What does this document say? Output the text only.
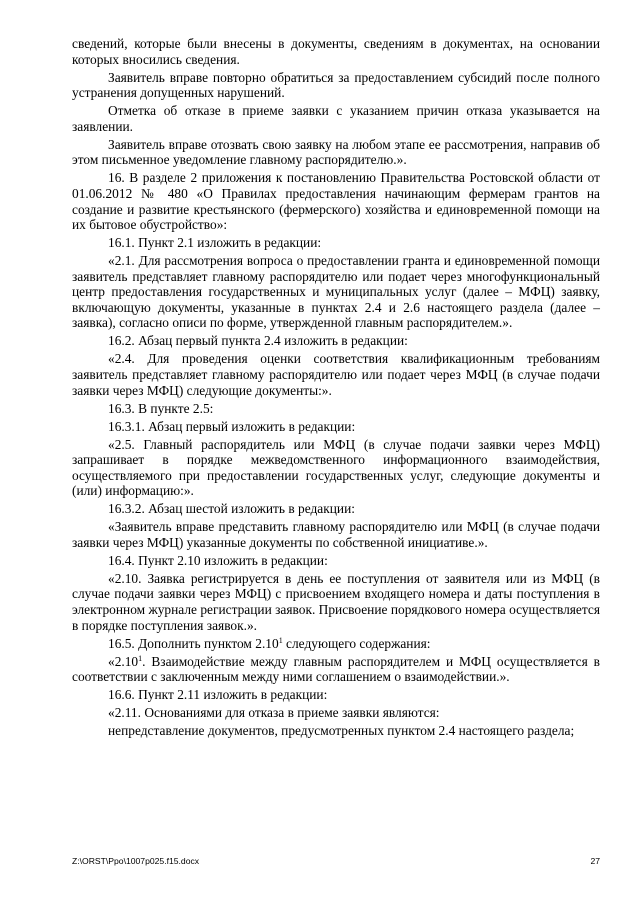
сведений, которые были внесены в документы, сведениям в документах, на основании которых вносились сведения.

Заявитель вправе повторно обратиться за предоставлением субсидий после полного устранения допущенных нарушений.

Отметка об отказе в приеме заявки с указанием причин отказа указывается на заявлении.

Заявитель вправе отозвать свою заявку на любом этапе ее рассмотрения, направив об этом письменное уведомление главному распорядителю.».

16. В разделе 2 приложения к постановлению Правительства Ростовской области от 01.06.2012 № 480 «О Правилах предоставления начинающим фермерам грантов на создание и развитие крестьянского (фермерского) хозяйства и единовременной помощи на их бытовое обустройство»:

16.1. Пункт 2.1 изложить в редакции:

«2.1. Для рассмотрения вопроса о предоставлении гранта и единовременной помощи заявитель представляет главному распорядителю или подает через многофункциональный центр предоставления государственных и муниципальных услуг (далее – МФЦ) заявку, включающую документы, указанные в пунктах 2.4 и 2.6 настоящего раздела (далее – заявка), согласно описи по форме, утвержденной главным распорядителем.».

16.2. Абзац первый пункта 2.4 изложить в редакции:

«2.4. Для проведения оценки соответствия квалификационным требованиям заявитель представляет главному распорядителю или подает через МФЦ (в случае подачи заявки через МФЦ) следующие документы:».

16.3. В пункте 2.5:

16.3.1. Абзац первый изложить в редакции:

«2.5. Главный распорядитель или МФЦ (в случае подачи заявки через МФЦ) запрашивает в порядке межведомственного информационного взаимодействия, осуществляемого при предоставлении государственных услуг, следующие документы и (или) информацию:».

16.3.2. Абзац шестой изложить в редакции:

«Заявитель вправе представить главному распорядителю или МФЦ (в случае подачи заявки через МФЦ) указанные документы по собственной инициативе.».

16.4. Пункт 2.10 изложить в редакции:

«2.10. Заявка регистрируется в день ее поступления от заявителя или из МФЦ (в случае подачи заявки через МФЦ) с присвоением входящего номера и даты поступления в электронном журнале регистрации заявок. Присвоение порядкового номера осуществляется в порядке поступления заявок.».

16.5. Дополнить пунктом 2.10$^1$ следующего содержания:

«2.10$^1$. Взаимодействие между главным распорядителем и МФЦ осуществляется в соответствии с заключенным между ними соглашением о взаимодействии.».

16.6. Пункт 2.11 изложить в редакции:

«2.11. Основаниями для отказа в приеме заявки являются:

непредставление документов, предусмотренных пунктом 2.4 настоящего раздела;

Z:\ORST\Ppo\1007p025.f15.docx	27
